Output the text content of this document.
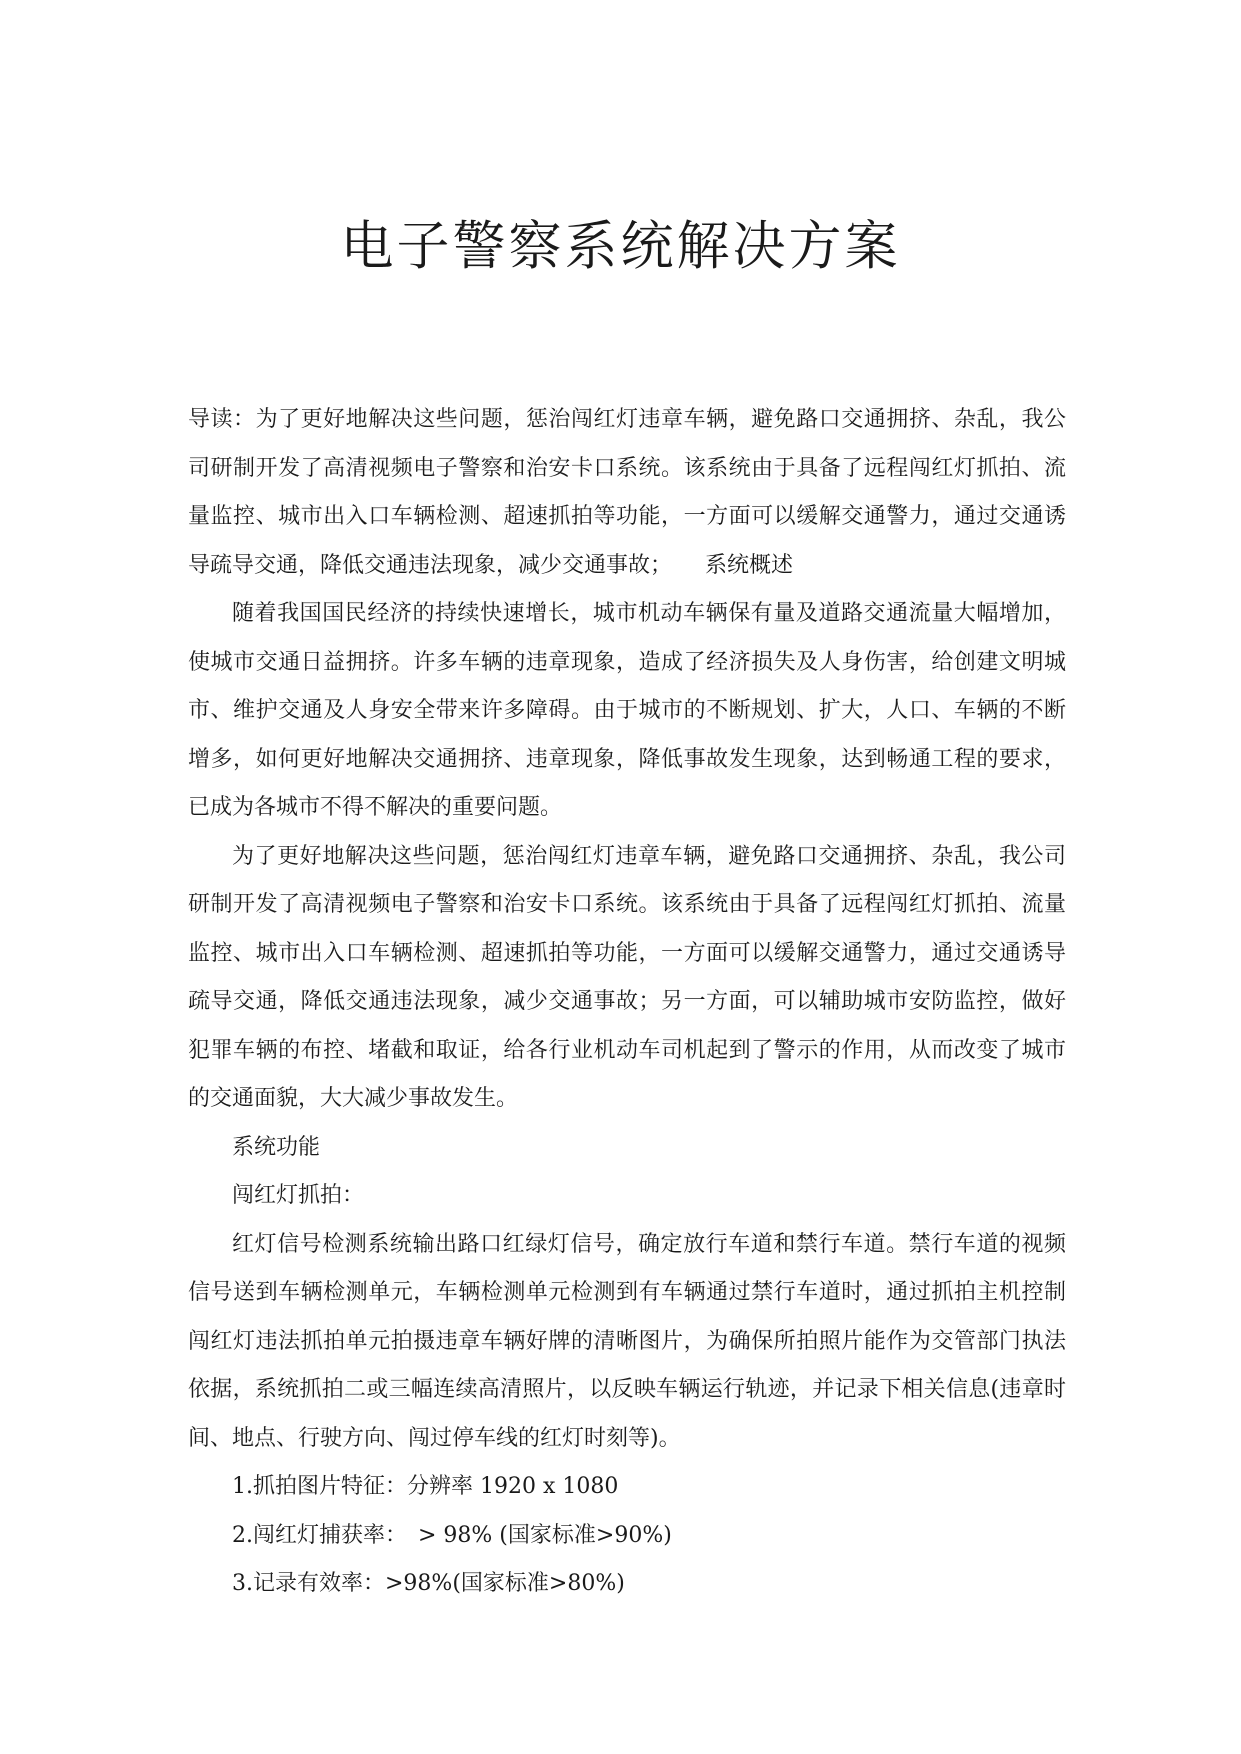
电子警察系统解决方案

导读：为了更好地解决这些问题，惩治闯红灯违章车辆，避免路口交通拥挤、杂乱，我公司研制开发了高清视频电子警察和治安卡口系统。该系统由于具备了远程闯红灯抓拍、流量监控、城市出入口车辆检测、超速抓拍等功能，一方面可以缓解交通警力，通过交通诱导疏导交通，降低交通违法现象，减少交通事故；　　系统概述

随着我国国民经济的持续快速增长，城市机动车辆保有量及道路交通流量大幅增加，使城市交通日益拥挤。许多车辆的违章现象，造成了经济损失及人身伤害，给创建文明城市、维护交通及人身安全带来许多障碍。由于城市的不断规划、扩大，人口、车辆的不断增多，如何更好地解决交通拥挤、违章现象，降低事故发生现象，达到畅通工程的要求，已成为各城市不得不解决的重要问题。

为了更好地解决这些问题，惩治闯红灯违章车辆，避免路口交通拥挤、杂乱，我公司研制开发了高清视频电子警察和治安卡口系统。该系统由于具备了远程闯红灯抓拍、流量监控、城市出入口车辆检测、超速抓拍等功能，一方面可以缓解交通警力，通过交通诱导疏导交通，降低交通违法现象，减少交通事故；另一方面，可以辅助城市安防监控，做好犯罪车辆的布控、堵截和取证，给各行业机动车司机起到了警示的作用，从而改变了城市的交通面貌，大大减少事故发生。

系统功能

闯红灯抓拍：

红灯信号检测系统输出路口红绿灯信号，确定放行车道和禁行车道。禁行车道的视频信号送到车辆检测单元，车辆检测单元检测到有车辆通过禁行车道时，通过抓拍主机控制闯红灯违法抓拍单元拍摄违章车辆好牌的清晰图片，为确保所拍照片能作为交管部门执法依据，系统抓拍二或三幅连续高清照片，以反映车辆运行轨迹，并记录下相关信息(违章时间、地点、行驶方向、闯过停车线的红灯时刻等)。

1.抓拍图片特征：分辨率 1920 x 1080

2.闯红灯捕获率：　> 98% (国家标准>90%)

3.记录有效率：>98%(国家标准>80%)
